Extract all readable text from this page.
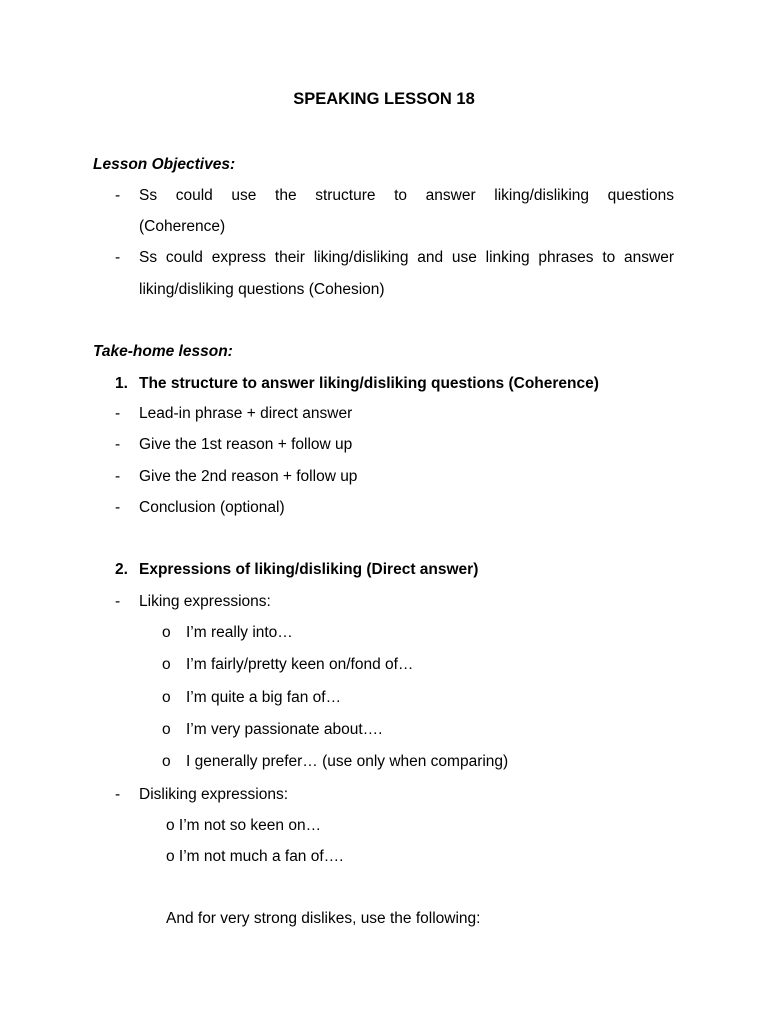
SPEAKING LESSON 18
Lesson Objectives:
- Ss could use the structure to answer liking/disliking questions
(Coherence)
- Ss could express their liking/disliking and use linking phrases to answer
liking/disliking questions (Cohesion)
Take-home lesson:
1. The structure to answer liking/disliking questions (Coherence)
- Lead-in phrase + direct answer
- Give the 1st reason + follow up
- Give the 2nd reason + follow up
- Conclusion (optional)
2. Expressions of liking/disliking (Direct answer)
- Liking expressions:
o I’m really into…
o I’m fairly/pretty keen on/fond of…
o I’m quite a big fan of…
o I’m very passionate about….
o I generally prefer… (use only when comparing)
- Disliking expressions:
o I’m not so keen on…
o I’m not much a fan of….
And for very strong dislikes, use the following:
